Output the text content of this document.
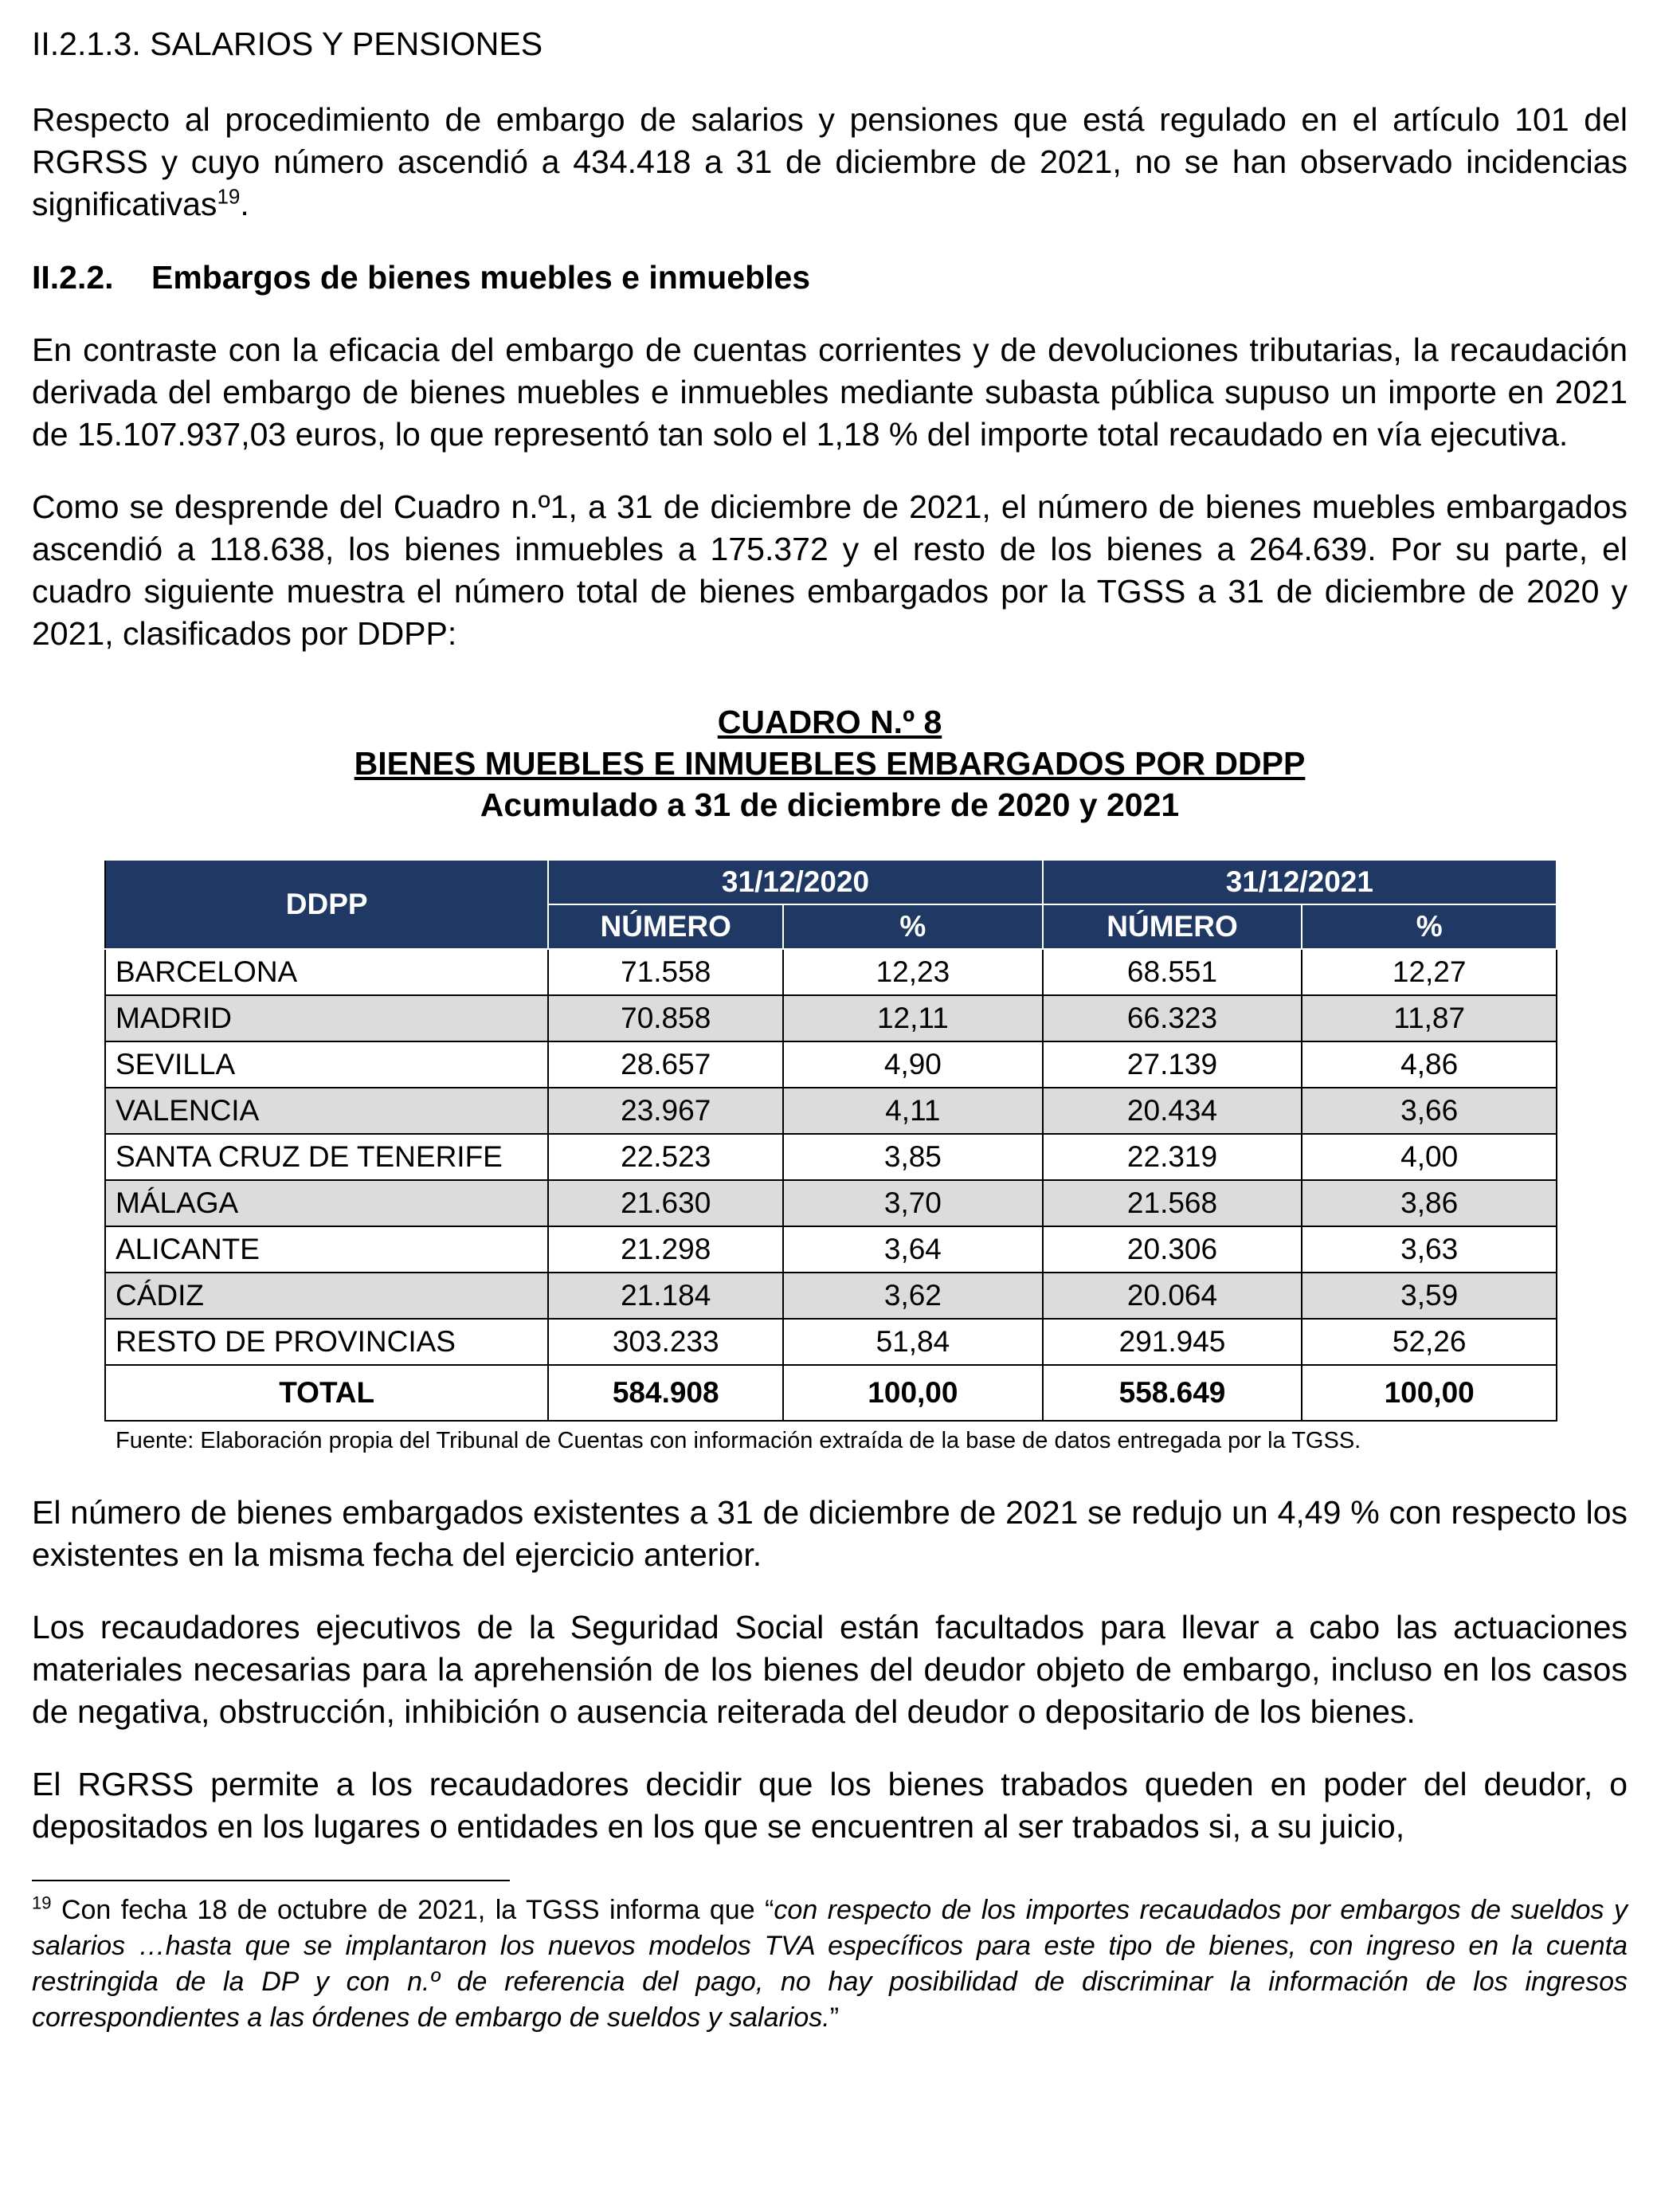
II.2.1.3. SALARIOS Y PENSIONES

Respecto al procedimiento de embargo de salarios y pensiones que está regulado en el artículo 101 del RGRSS y cuyo número ascendió a 434.418 a 31 de diciembre de 2021, no se han observado incidencias significativas$^{19}$.

II.2.2. Embargos de bienes muebles e inmuebles

En contraste con la eficacia del embargo de cuentas corrientes y de devoluciones tributarias, la recaudación derivada del embargo de bienes muebles e inmuebles mediante subasta pública supuso un importe en 2021 de 15.107.937,03 euros, lo que representó tan solo el 1,18 % del importe total recaudado en vía ejecutiva.

Como se desprende del Cuadro n.º1, a 31 de diciembre de 2021, el número de bienes muebles embargados ascendió a 118.638, los bienes inmuebles a 175.372 y el resto de los bienes a 264.639. Por su parte, el cuadro siguiente muestra el número total de bienes embargados por la TGSS a 31 de diciembre de 2020 y 2021, clasificados por DDPP:

CUADRO N.º 8
BIENES MUEBLES E INMUEBLES EMBARGADOS POR DDPP
Acumulado a 31 de diciembre de 2020 y 2021
DDPP	31/12/2020		31/12/2021	
	NÚMERO	%	NÚMERO	%
BARCELONA	71.558	12,23	68.551	12,27
MADRID	70.858	12,11	66.323	11,87
SEVILLA	28.657	4,90	27.139	4,86
VALENCIA	23.967	4,11	20.434	3,66
SANTA CRUZ DE TENERIFE	22.523	3,85	22.319	4,00
MÁLAGA	21.630	3,70	21.568	3,86
ALICANTE	21.298	3,64	20.306	3,63
CÁDIZ	21.184	3,62	20.064	3,59
RESTO DE PROVINCIAS	303.233	51,84	291.945	52,26
TOTAL	584.908	100,00	558.649	100,00

Fuente: Elaboración propia del Tribunal de Cuentas con información extraída de la base de datos entregada por la TGSS.

El número de bienes embargados existentes a 31 de diciembre de 2021 se redujo un 4,49 % con respecto los existentes en la misma fecha del ejercicio anterior.

Los recaudadores ejecutivos de la Seguridad Social están facultados para llevar a cabo las actuaciones materiales necesarias para la aprehensión de los bienes del deudor objeto de embargo, incluso en los casos de negativa, obstrucción, inhibición o ausencia reiterada del deudor o depositario de los bienes.

El RGRSS permite a los recaudadores decidir que los bienes trabados queden en poder del deudor, o depositados en los lugares o entidades en los que se encuentren al ser trabados si, a su juicio,

$^{19}$ Con fecha 18 de octubre de 2021, la TGSS informa que “con respecto de los importes recaudados por embargos de sueldos y salarios …hasta que se implantaron los nuevos modelos TVA específicos para este tipo de bienes, con ingreso en la cuenta restringida de la DP y con n.º de referencia del pago, no hay posibilidad de discriminar la información de los ingresos correspondientes a las órdenes de embargo de sueldos y salarios.”
